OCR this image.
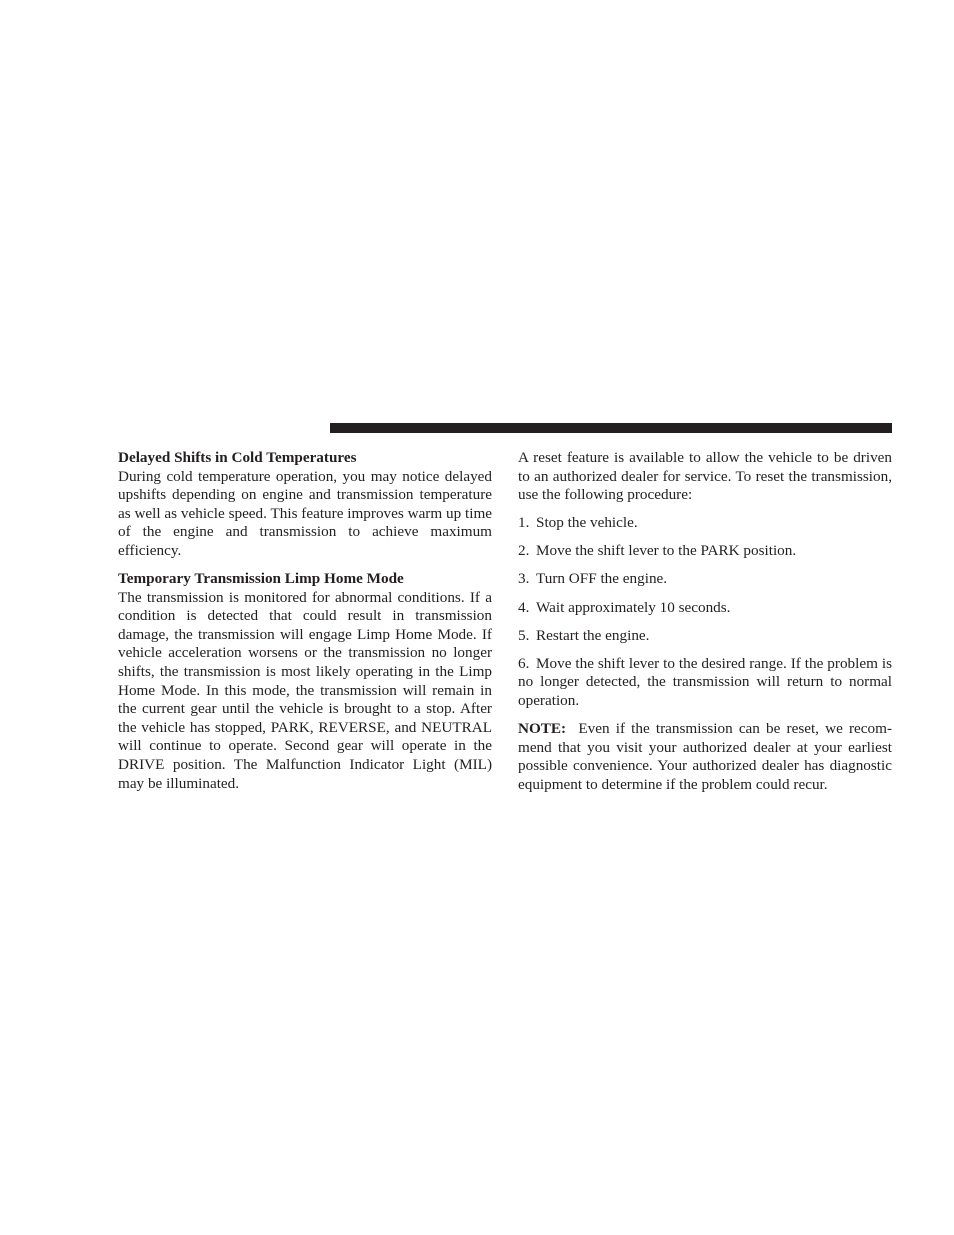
Delayed Shifts in Cold Temperatures

During cold temperature operation, you may notice delayed upshifts depending on engine and transmission temperature as well as vehicle speed. This feature improves warm up time of the engine and transmission to achieve maximum efficiency.

Temporary Transmission Limp Home Mode

The transmission is monitored for abnormal conditions. If a condition is detected that could result in transmission damage, the transmission will engage Limp Home Mode. If vehicle acceleration worsens or the transmission no longer shifts, the transmission is most likely operating in the Limp Home Mode. In this mode, the transmission will remain in the current gear until the vehicle is brought to a stop. After the vehicle has stopped, PARK, REVERSE, and NEUTRAL will continue to operate. Second gear will operate in the DRIVE position. The Malfunction Indicator Light (MIL) may be illuminated.

A reset feature is available to allow the vehicle to be driven to an authorized dealer for service. To reset the transmission, use the following procedure:

1. Stop the vehicle.

2. Move the shift lever to the PARK position.

3. Turn OFF the engine.

4. Wait approximately 10 seconds.

5. Restart the engine.

6. Move the shift lever to the desired range. If the problem is no longer detected, the transmission will return to normal operation.

NOTE: Even if the transmission can be reset, we recommend that you visit your authorized dealer at your earliest possible convenience. Your authorized dealer has diagnostic equipment to determine if the problem could recur.
